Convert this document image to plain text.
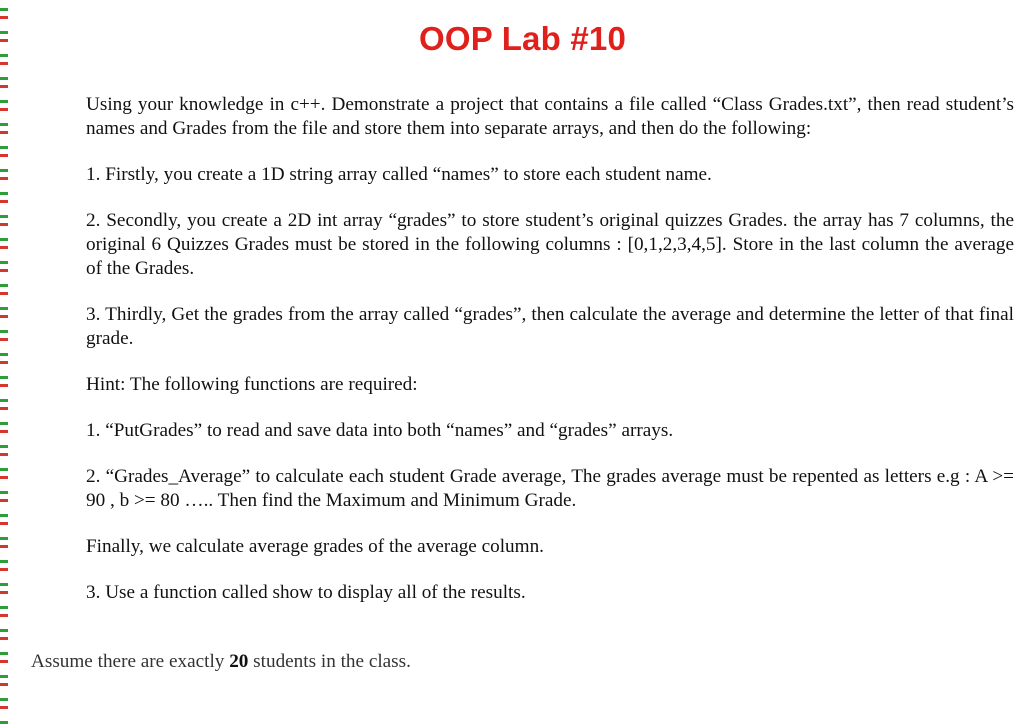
OOP Lab #10

Using your knowledge in c++. Demonstrate a project that contains a file called “Class Grades.txt”, then read student’s names and Grades from the file and store them into separate arrays, and then do the following:

1. Firstly, you create a 1D string array called “names” to store each student name.

2. Secondly, you create a 2D int array “grades” to store student’s original quizzes Grades. the array has 7 columns, the original 6 Quizzes Grades must be stored in the following columns : [0,1,2,3,4,5]. Store in the last column the average of the Grades.

3. Thirdly, Get the grades from the array called “grades”, then calculate the average and determine the letter of that final grade.

Hint: The following functions are required:

1. “PutGrades” to read and save data into both “names” and “grades” arrays.

2. “Grades_Average” to calculate each student Grade average, The grades average must be repented as letters e.g : A >= 90 , b >= 80 ….. Then find the Maximum and Minimum Grade.

Finally, we calculate average grades of the average column.

3. Use a function called show to display all of the results.

Assume there are exactly 20 students in the class.
